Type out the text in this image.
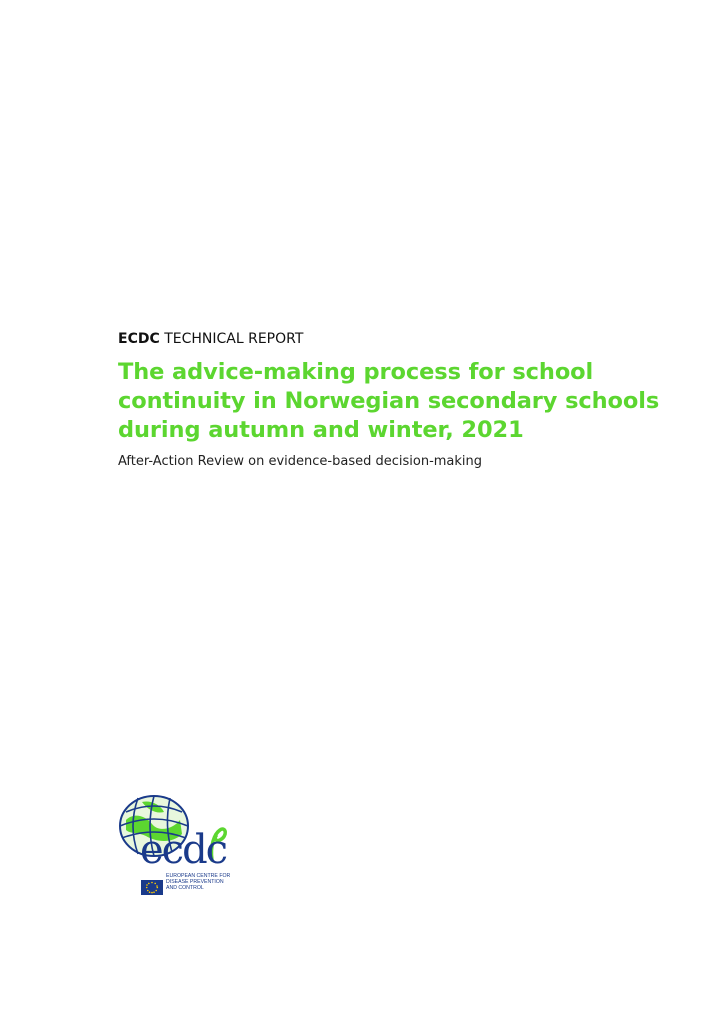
ECDC TECHNICAL REPORT

The advice-making process for school
continuity in Norwegian secondary schools
during autumn and winter, 2021

After-Action Review on evidence-based decision-making

ecdc
EUROPEAN CENTRE FOR
DISEASE PREVENTION
AND CONTROL
